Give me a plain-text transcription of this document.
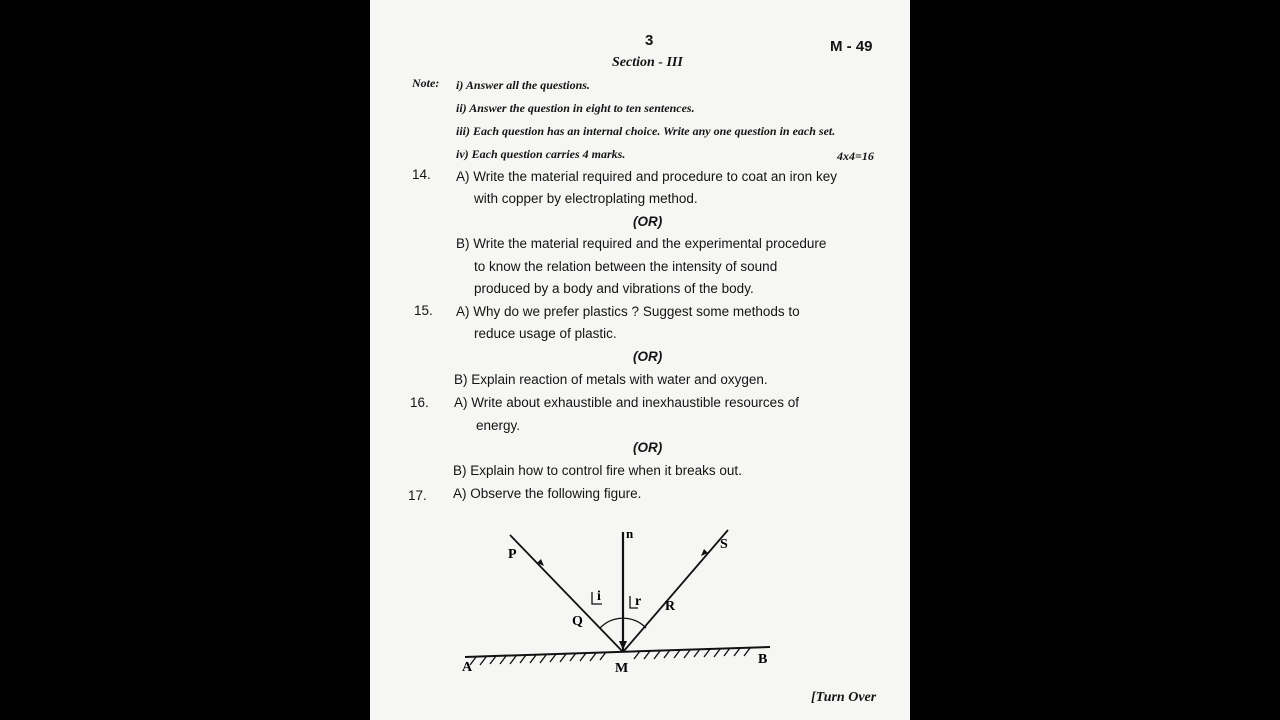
3	M - 49
Section - III
Note: i) Answer all the questions.
ii) Answer the question in eight to ten sentences.
iii) Each question has an internal choice. Write any one question in each set.
iv) Each question carries 4 marks.	4x4=16
14. A) Write the material required and procedure to coat an iron key
with copper by electroplating method.
(OR)
B) Write the material required and the experimental procedure
to know the relation between the intensity of sound
produced by a body and vibrations of the body.
15. A) Why do we prefer plastics ? Suggest some methods to
reduce usage of plastic.
(OR)
B) Explain reaction of metals with water and oxygen.
16. A) Write about exhaustible and inexhaustible resources of
energy.
(OR)
B) Explain how to control fire when it breaks out.
17. A) Observe the following figure.
P
Q
S
R
n
i r
A
B
M
[Turn Over
